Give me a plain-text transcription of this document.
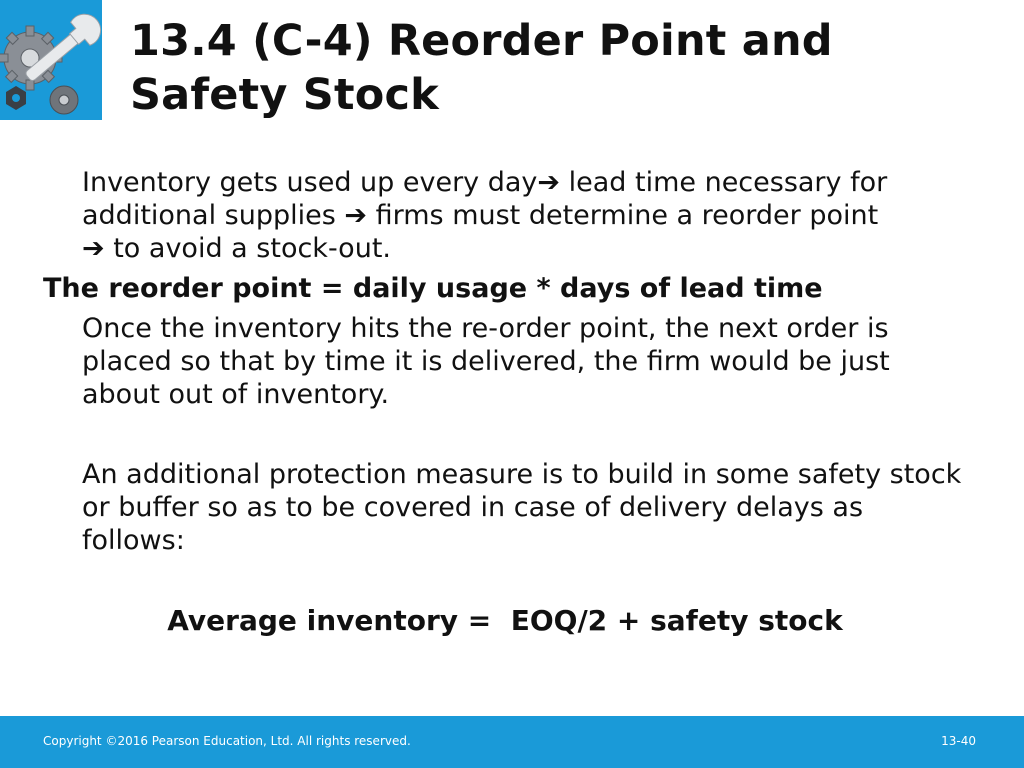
13.4 (C-4) Reorder Point and Safety Stock

Inventory gets used up every day➔ lead time necessary for additional supplies ➔ firms must determine a reorder point
➔ to avoid a stock-out.

The reorder point = daily usage * days of lead time

Once the inventory hits the re-order point, the next order is placed so that by time it is delivered, the firm would be just about out of inventory.

An additional protection measure is to build in some safety stock or buffer so as to be covered in case of delivery delays as follows:

Average inventory =  EOQ/2 + safety stock
Copyright ©2016 Pearson Education, Ltd. All rights reserved.	13-40
